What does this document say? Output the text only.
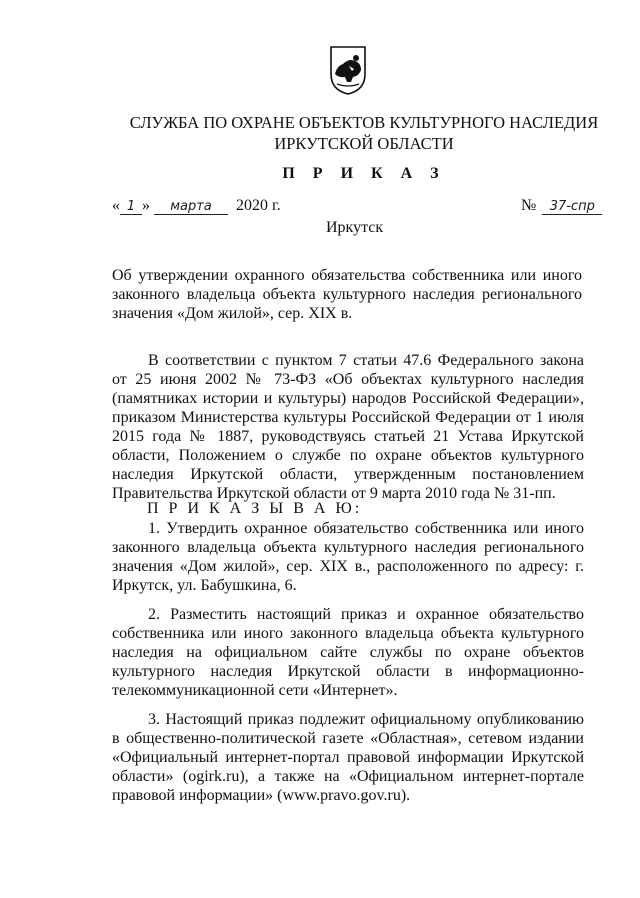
СЛУЖБА ПО ОХРАНЕ ОБЪЕКТОВ КУЛЬТУРНОГО НАСЛЕДИЯ
ИРКУТСКОЙ ОБЛАСТИ
П Р И К А З
« 1 » марта 2020 г.	№ 37-спр
Иркутск
Об утверждении охранного обязательства собственника или иного законного владельца объекта культурного наследия регионального значения «Дом жилой», сер. XIX в.

В соответствии с пунктом 7 статьи 47.6 Федерального закона от 25 июня 2002 № 73-ФЗ «Об объектах культурного наследия (памятниках истории и культуры) народов Российской Федерации», приказом Министерства культуры Российской Федерации от 1 июля 2015 года № 1887, руководствуясь статьей 21 Устава Иркутской области, Положением о службе по охране объектов культурного наследия Иркутской области, утвержденным постановлением Правительства Иркутской области от 9 марта 2010 года № 31-пп.

П Р И К А З Ы В А Ю:

1. Утвердить охранное обязательство собственника или иного законного владельца объекта культурного наследия регионального значения «Дом жилой», сер. XIX в., расположенного по адресу: г. Иркутск, ул. Бабушкина, 6.

2. Разместить настоящий приказ и охранное обязательство собственника или иного законного владельца объекта культурного наследия на официальном сайте службы по охране объектов культурного наследия Иркутской области в информационно-телекоммуникационной сети «Интернет».

3. Настоящий приказ подлежит официальному опубликованию в общественно-политической газете «Областная», сетевом издании «Официальный интернет-портал правовой информации Иркутской области» (ogirk.ru), а также на «Официальном интернет-портале правовой информации» (www.pravo.gov.ru).
